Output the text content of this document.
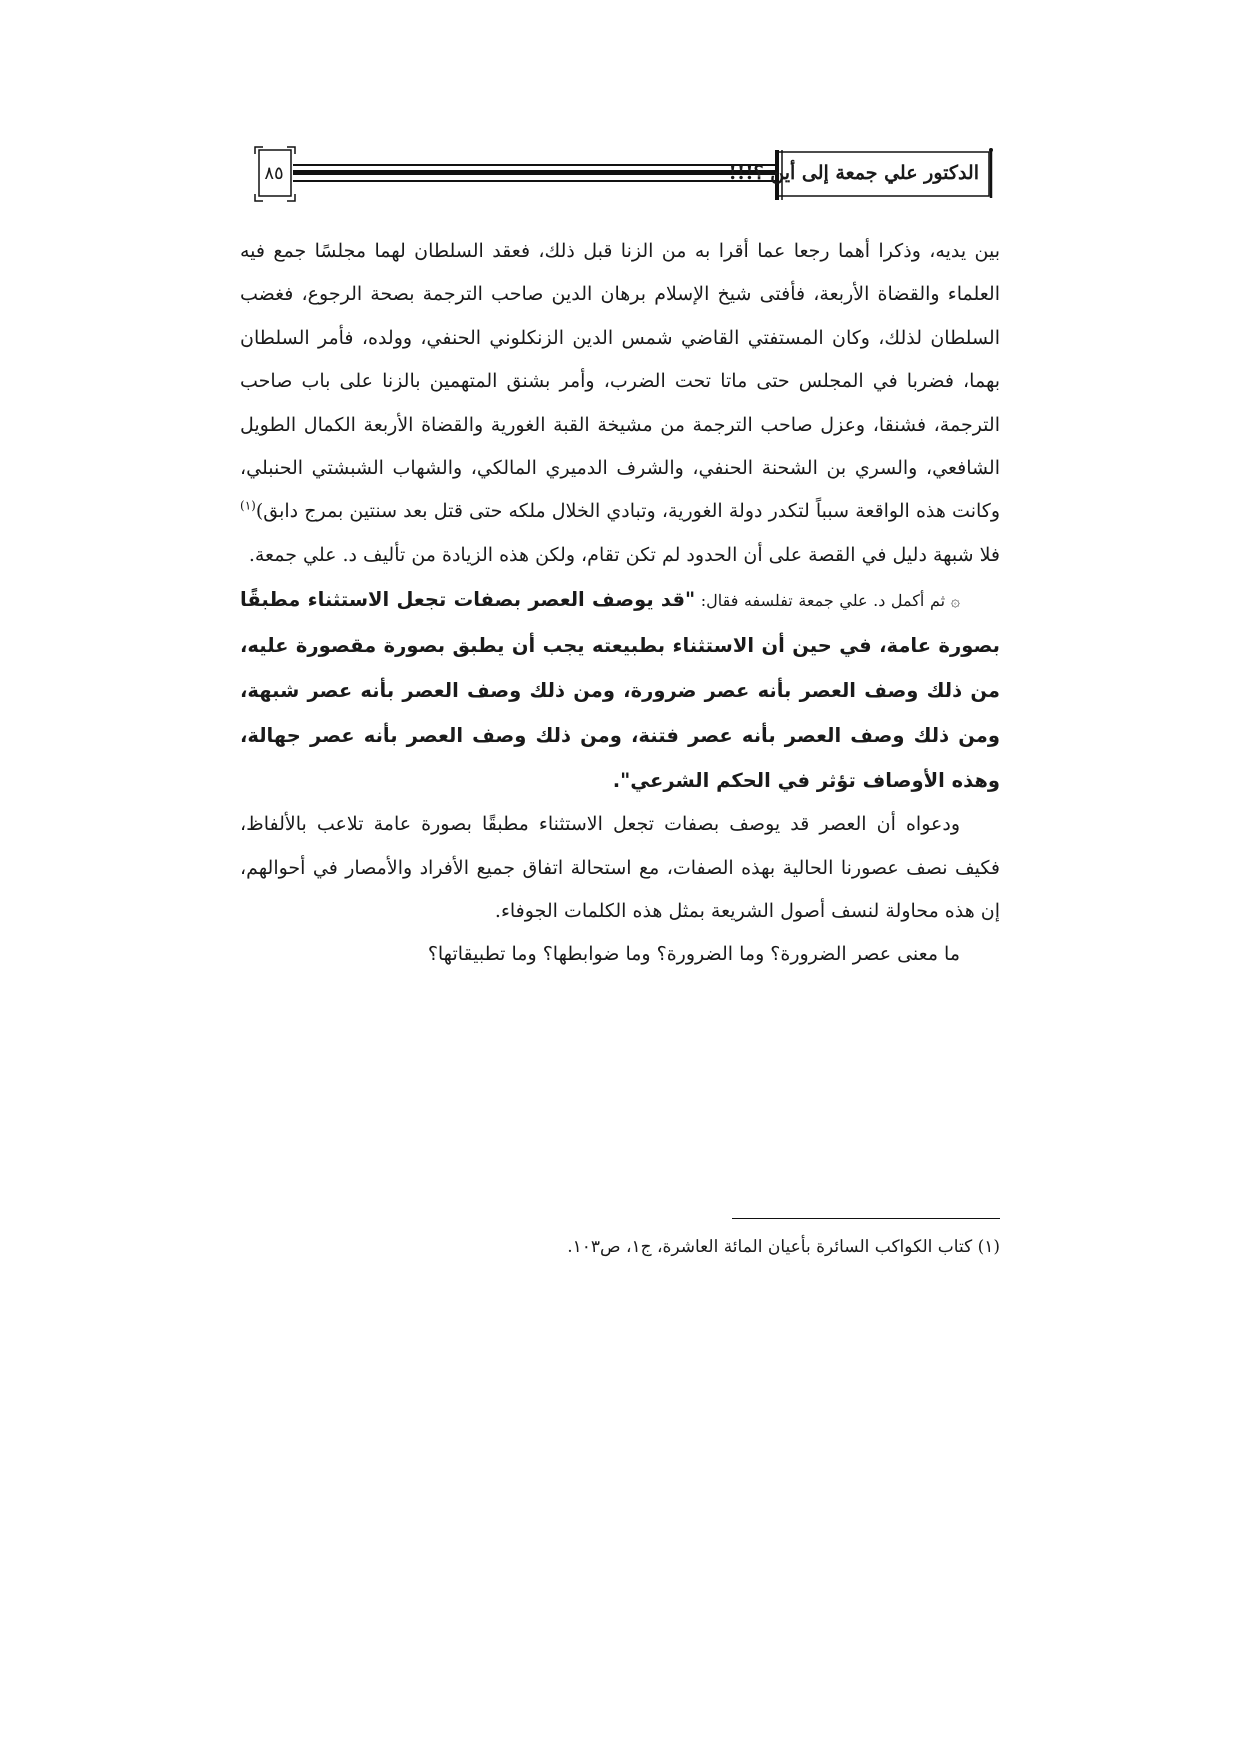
٨٥	الدكتور علي جمعة إلى أين ؟!!!

بين يديه، وذكرا أهما رجعا عما أقرا به من الزنا قبل ذلك، فعقد السلطان لهما مجلسًا جمع فيه العلماء والقضاة الأربعة، فأفتى شيخ الإسلام برهان الدين صاحب الترجمة بصحة الرجوع، فغضب السلطان لذلك، وكان المستفتي القاضي شمس الدين الزنكلوني الحنفي، وولده، فأمر السلطان بهما، فضربا في المجلس حتى ماتا تحت الضرب، وأمر بشنق المتهمين بالزنا على باب صاحب الترجمة، فشنقا، وعزل صاحب الترجمة من مشيخة القبة الغورية والقضاة الأربعة الكمال الطويل الشافعي، والسري بن الشحنة الحنفي، والشرف الدميري المالكي، والشهاب الشبشتي الحنبلي، وكانت هذه الواقعة سبباً لتكدر دولة الغورية، وتبادي الخلال ملكه حتى قتل بعد سنتين بمرج دابق)$^{(١)}$ فلا شبهة دليل في القصة على أن الحدود لم تكن تقام، ولكن هذه الزيادة من تأليف د. علي جمعة.

۞ ثم أكمل د. علي جمعة تفلسفه فقال: "قد يوصف العصر بصفات تجعل الاستثناء مطبقًا بصورة عامة، في حين أن الاستثناء بطبيعته يجب أن يطبق بصورة مقصورة عليه، من ذلك وصف العصر بأنه عصر ضرورة، ومن ذلك وصف العصر بأنه عصر شبهة، ومن ذلك وصف العصر بأنه عصر فتنة، ومن ذلك وصف العصر بأنه عصر جهالة، وهذه الأوصاف تؤثر في الحكم الشرعي".

ودعواه أن العصر قد يوصف بصفات تجعل الاستثناء مطبقًا بصورة عامة تلاعب بالألفاظ، فكيف نصف عصورنا الحالية بهذه الصفات، مع استحالة اتفاق جميع الأفراد والأمصار في أحوالهم، إن هذه محاولة لنسف أصول الشريعة بمثل هذه الكلمات الجوفاء.

ما معنى عصر الضرورة؟ وما الضرورة؟ وما ضوابطها؟ وما تطبيقاتها؟

(١) كتاب الكواكب السائرة بأعيان المائة العاشرة، ج١، ص١٠٣.
